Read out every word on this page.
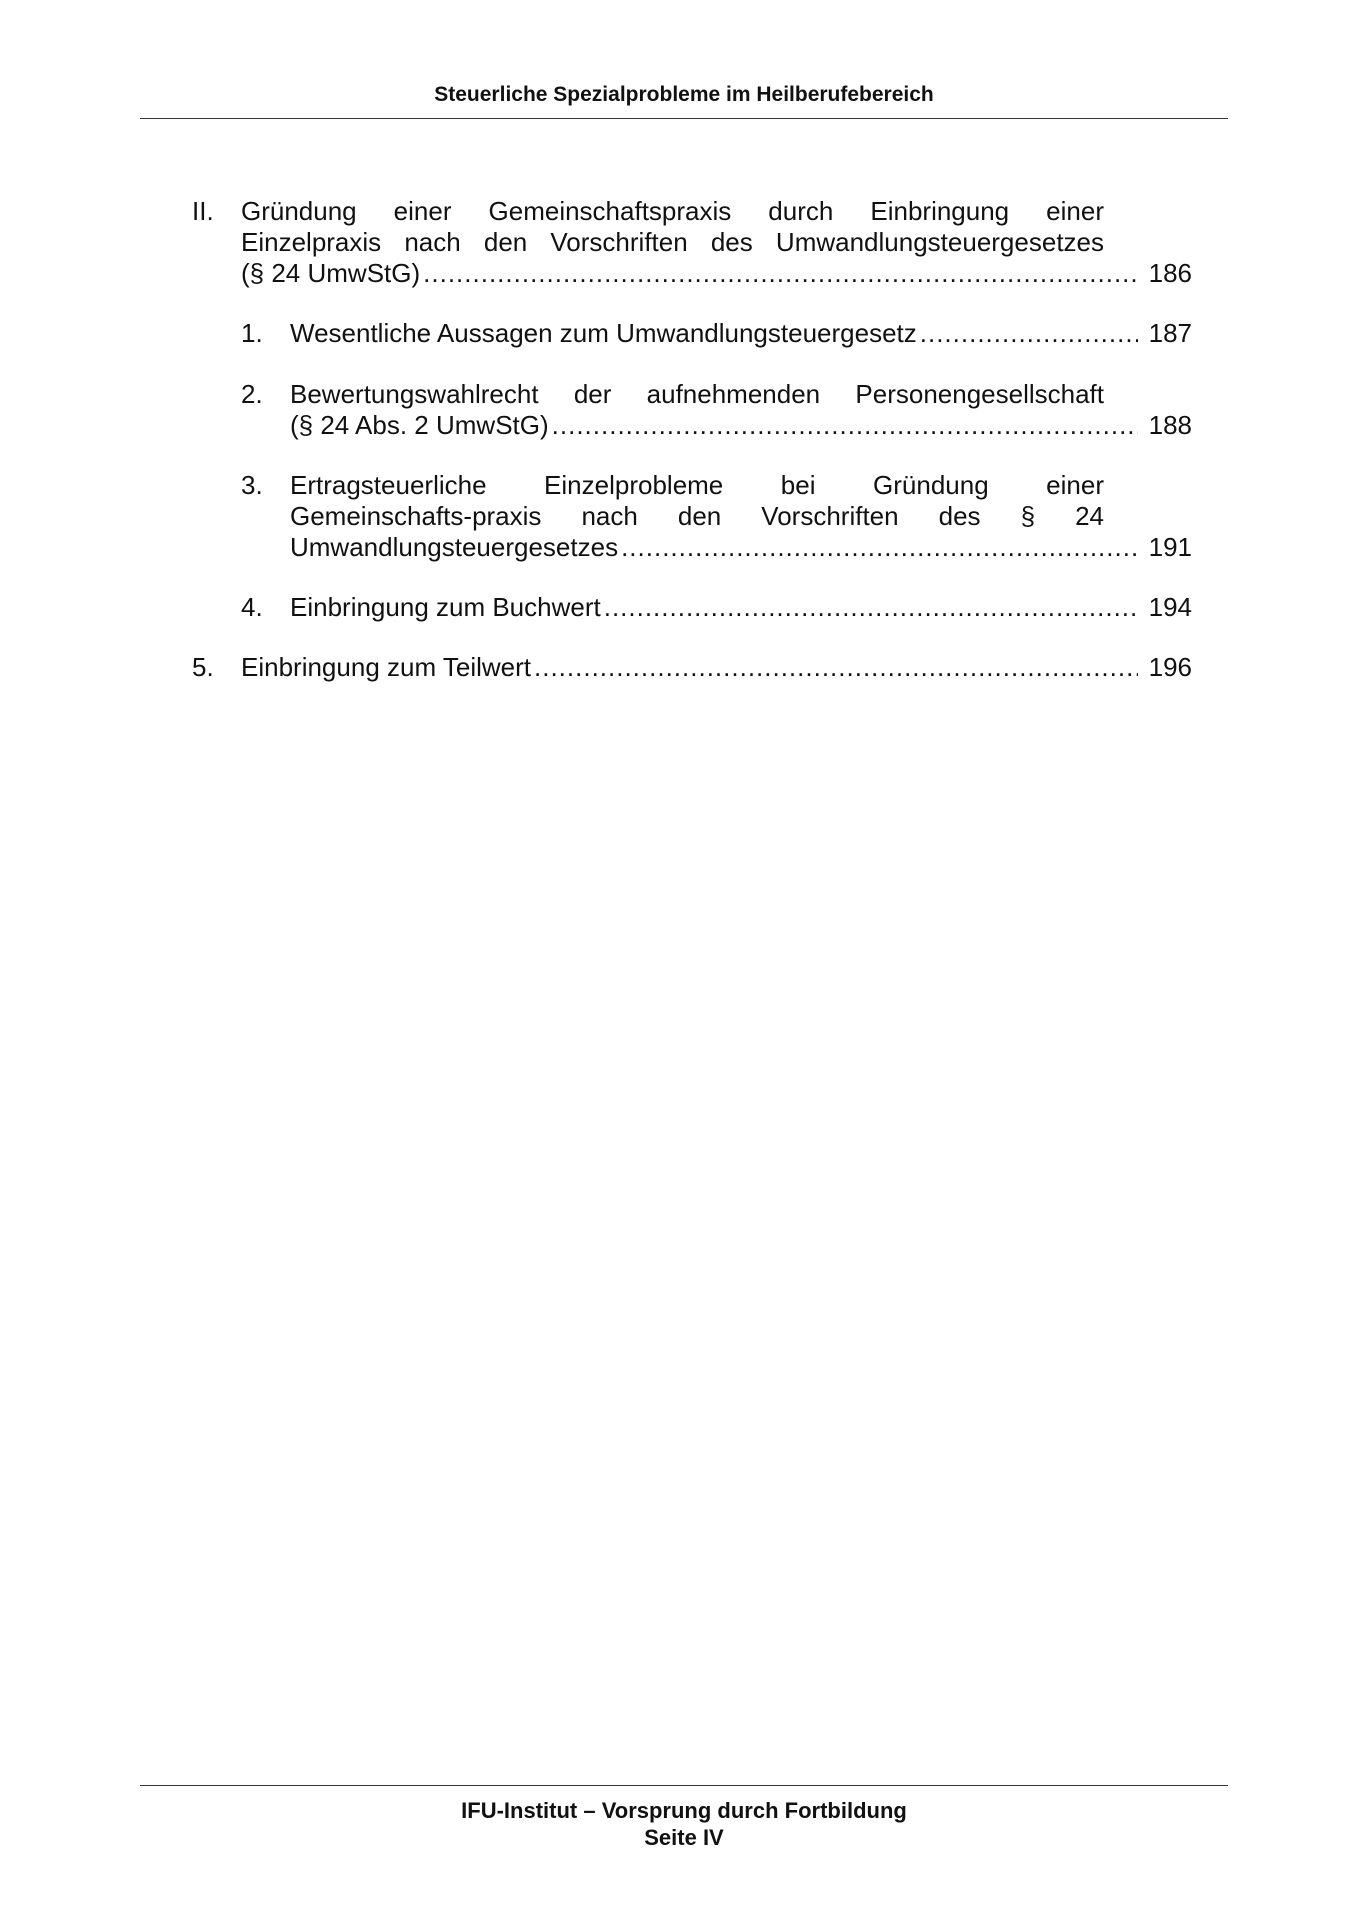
Steuerliche Spezialprobleme im Heilberufebereich
II. Gründung einer Gemeinschaftspraxis durch Einbringung einer
Einzelpraxis nach den Vorschriften des Umwandlungsteuergesetzes
(§ 24 UmwStG) .....	186
1. Wesentliche Aussagen zum Umwandlungsteuergesetz .....	187
2. Bewertungswahlrecht der aufnehmenden Personengesellschaft
(§ 24 Abs. 2 UmwStG) .....	188
3. Ertragsteuerliche Einzelprobleme bei Gründung einer
Gemeinschafts-praxis nach den Vorschriften des § 24
Umwandlungsteuergesetzes .....	191
4. Einbringung zum Buchwert .....	194
5. Einbringung zum Teilwert .....	196
IFU-Institut – Vorsprung durch Fortbildung
Seite IV
